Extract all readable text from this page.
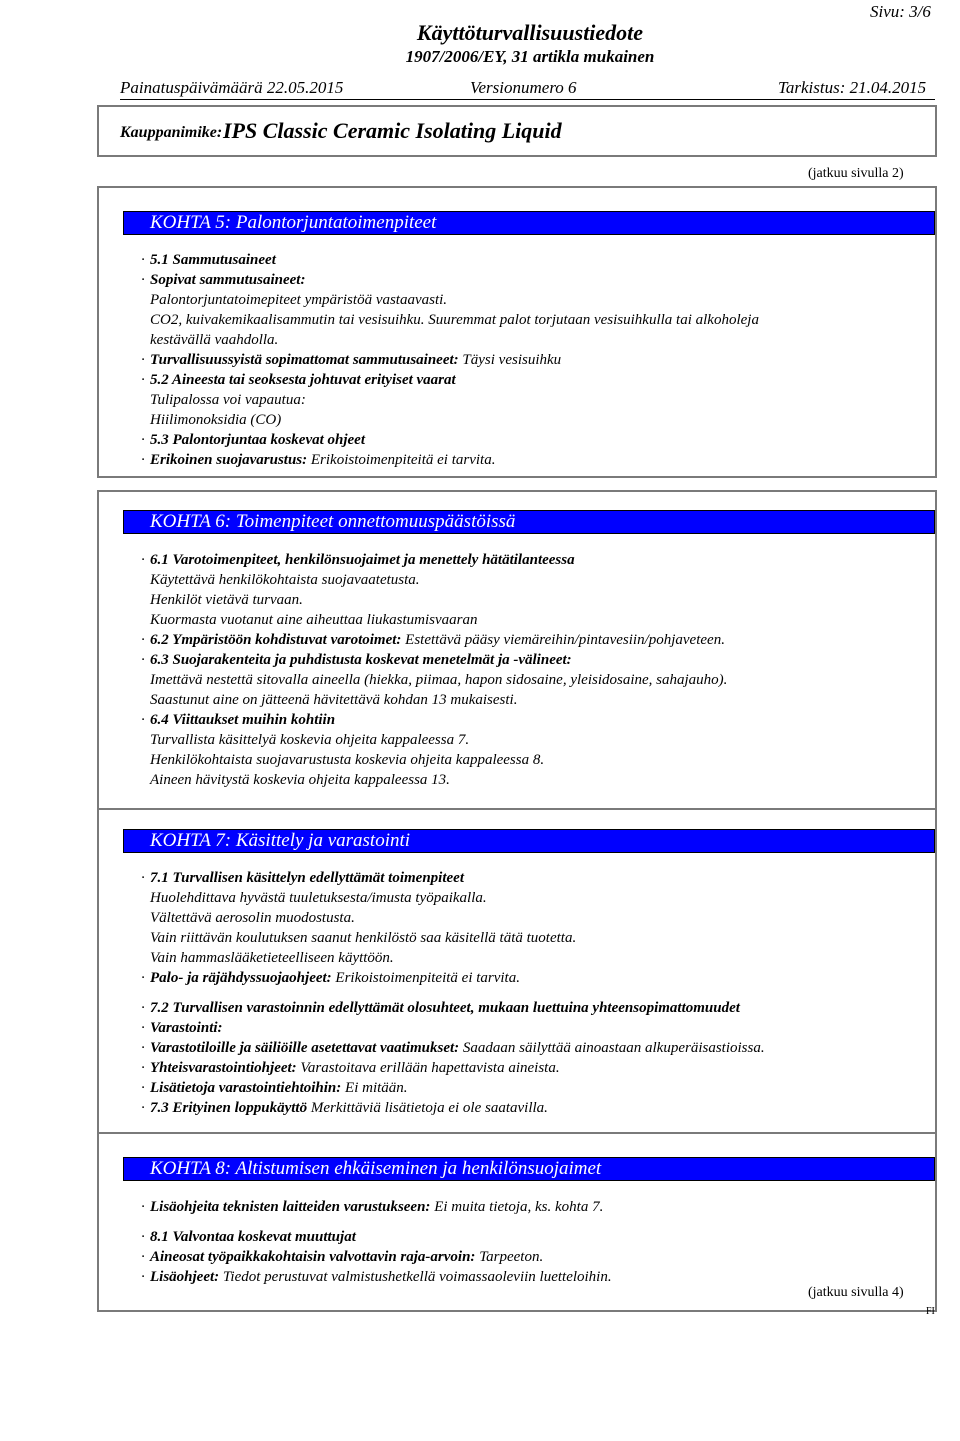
Sivu: 3/6
Käyttöturvallisuustiedote
1907/2006/EY, 31 artikla mukainen
Painatuspäivämäärä 22.05.2015	Versionumero 6	Tarkistus: 21.04.2015
Kauppanimike: IPS Classic Ceramic Isolating Liquid
(jatkuu sivulla 2)
KOHTA 5: Palontorjuntatoimenpiteet
· 5.1 Sammutusaineet
· Sopivat sammutusaineet:
Palontorjuntatoimepiteet ympäristöä vastaavasti.
CO2, kuivakemikaalisammutin tai vesisuihku. Suuremmat palot torjutaan vesisuihkulla tai alkoholeja
kestävällä vaahdolla.
· Turvallisuussyistä sopimattomat sammutusaineet: Täysi vesisuihku
· 5.2 Aineesta tai seoksesta johtuvat erityiset vaarat
Tulipalossa voi vapautua:
Hiilimonoksidia (CO)
· 5.3 Palontorjuntaa koskevat ohjeet
· Erikoinen suojavarustus: Erikoistoimenpiteitä ei tarvita.
KOHTA 6: Toimenpiteet onnettomuuspäästöissä
· 6.1 Varotoimenpiteet, henkilönsuojaimet ja menettely hätätilanteessa
Käytettävä henkilökohtaista suojavaatetusta.
Henkilöt vietävä turvaan.
Kuormasta vuotanut aine aiheuttaa liukastumisvaaran
· 6.2 Ympäristöön kohdistuvat varotoimet: Estettävä pääsy viemäreihin/pintavesiin/pohjaveteen.
· 6.3 Suojarakenteita ja puhdistusta koskevat menetelmät ja -välineet:
Imettävä nestettä sitovalla aineella (hiekka, piimaa, hapon sidosaine, yleisidosaine, sahajauho).
Saastunut aine on jätteenä hävitettävä kohdan 13 mukaisesti.
· 6.4 Viittaukset muihin kohtiin
Turvallista käsittelyä koskevia ohjeita kappaleessa 7.
Henkilökohtaista suojavarustusta koskevia ohjeita kappaleessa 8.
Aineen hävitystä koskevia ohjeita kappaleessa 13.
KOHTA 7: Käsittely ja varastointi
· 7.1 Turvallisen käsittelyn edellyttämät toimenpiteet
Huolehdittava hyvästä tuuletuksesta/imusta työpaikalla.
Vältettävä aerosolin muodostusta.
Vain riittävän koulutuksen saanut henkilöstö saa käsitellä tätä tuotetta.
Vain hammaslääketieteelliseen käyttöön.
· Palo- ja räjähdyssuojaohjeet: Erikoistoimenpiteitä ei tarvita.
· 7.2 Turvallisen varastoinnin edellyttämät olosuhteet, mukaan luettuina yhteensopimattomuudet
· Varastointi:
· Varastotiloille ja säiliöille asetettavat vaatimukset: Saadaan säilyttää ainoastaan alkuperäisastioissa.
· Yhteisvarastointiohjeet: Varastoitava erillään hapettavista aineista.
· Lisätietoja varastointiehtoihin: Ei mitään.
· 7.3 Erityinen loppukäyttö Merkittäviä lisätietoja ei ole saatavilla.
KOHTA 8: Altistumisen ehkäiseminen ja henkilönsuojaimet
· Lisäohjeita teknisten laitteiden varustukseen: Ei muita tietoja, ks. kohta 7.
· 8.1 Valvontaa koskevat muuttujat
· Aineosat työpaikkakohtaisin valvottavin raja-arvoin: Tarpeeton.
· Lisäohjeet: Tiedot perustuvat valmistushetkellä voimassaoleviin luetteloihin.
(jatkuu sivulla 4)
FI
